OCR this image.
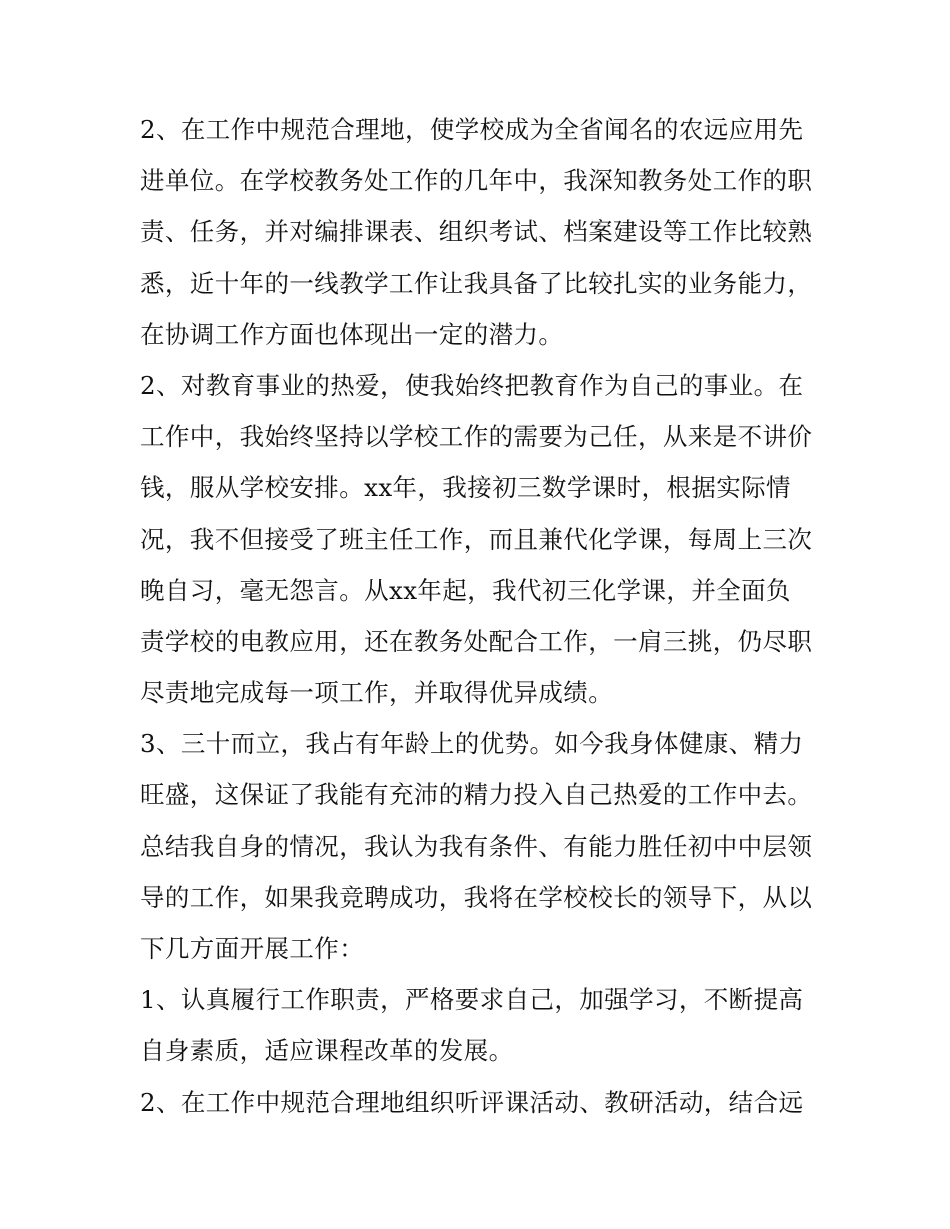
2、在工作中规范合理地，使学校成为全省闻名的农远应用先
进单位。在学校教务处工作的几年中，我深知教务处工作的职
责、任务，并对编排课表、组织考试、档案建设等工作比较熟
悉，近十年的一线教学工作让我具备了比较扎实的业务能力，
在协调工作方面也体现出一定的潜力。
2、对教育事业的热爱，使我始终把教育作为自己的事业。在
工作中，我始终坚持以学校工作的需要为己任，从来是不讲价
钱，服从学校安排。xx年，我接初三数学课时，根据实际情
况，我不但接受了班主任工作，而且兼代化学课，每周上三次
晚自习，毫无怨言。从xx年起，我代初三化学课，并全面负
责学校的电教应用，还在教务处配合工作，一肩三挑，仍尽职
尽责地完成每一项工作，并取得优异成绩。
3、三十而立，我占有年龄上的优势。如今我身体健康、精力
旺盛，这保证了我能有充沛的精力投入自己热爱的工作中去。
总结我自身的情况，我认为我有条件、有能力胜任初中中层领
导的工作，如果我竞聘成功，我将在学校校长的领导下，从以
下几方面开展工作：
1、认真履行工作职责，严格要求自己，加强学习，不断提高
自身素质，适应课程改革的发展。
2、在工作中规范合理地组织听评课活动、教研活动，结合远
